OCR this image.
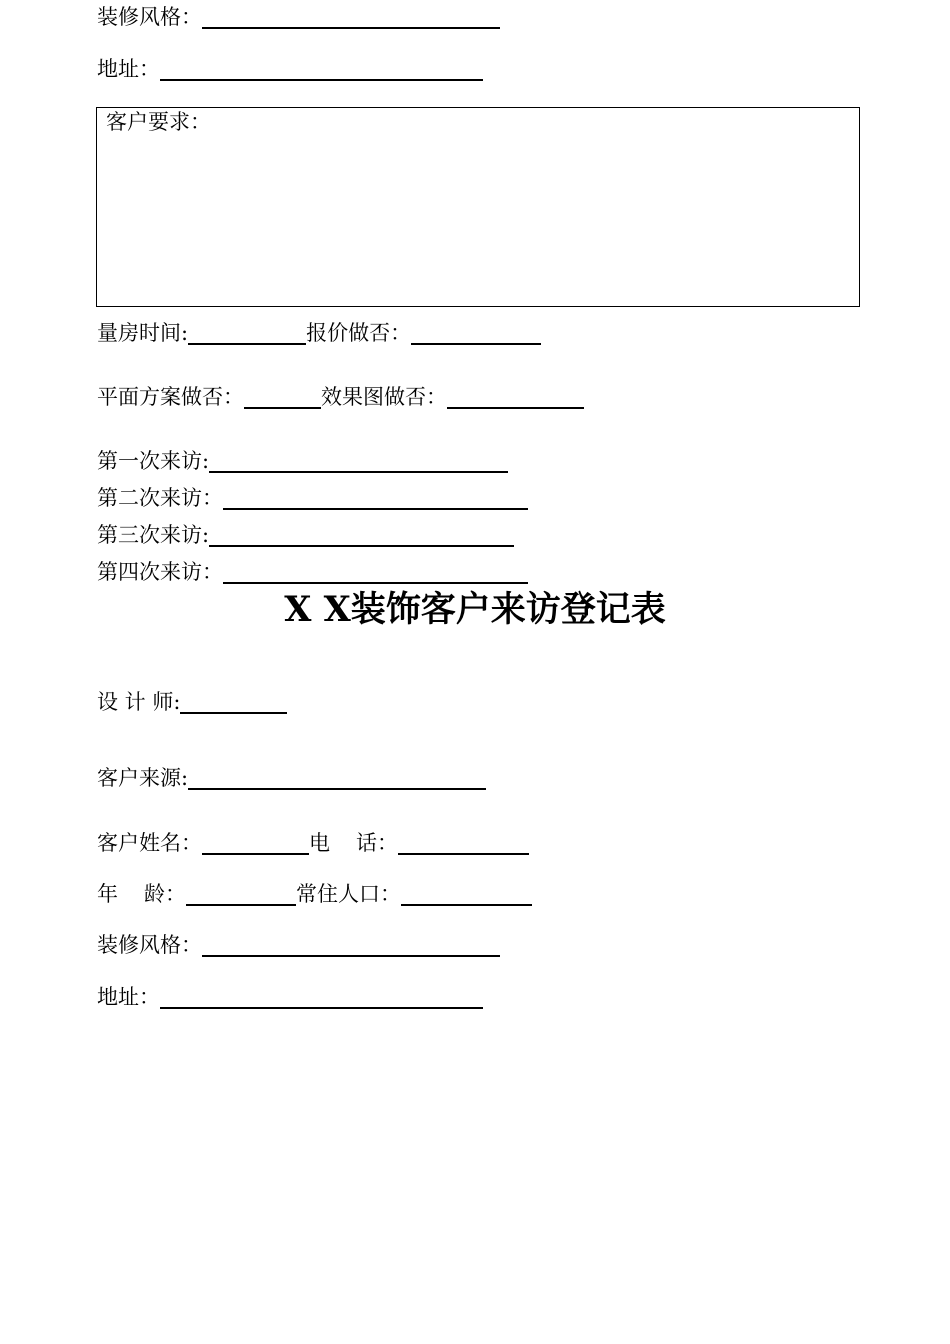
装修风格：
地址：
客户要求：
量房时间:	报价做否：
平面方案做否：	效果图做否：
第一次来访:
第二次来访：
第三次来访:
第四次来访：
X X装饰客户来访登记表
设 计 师:
客户来源:
客户姓名：	电 话：
年 龄：	常住人口：
装修风格：
地址：
